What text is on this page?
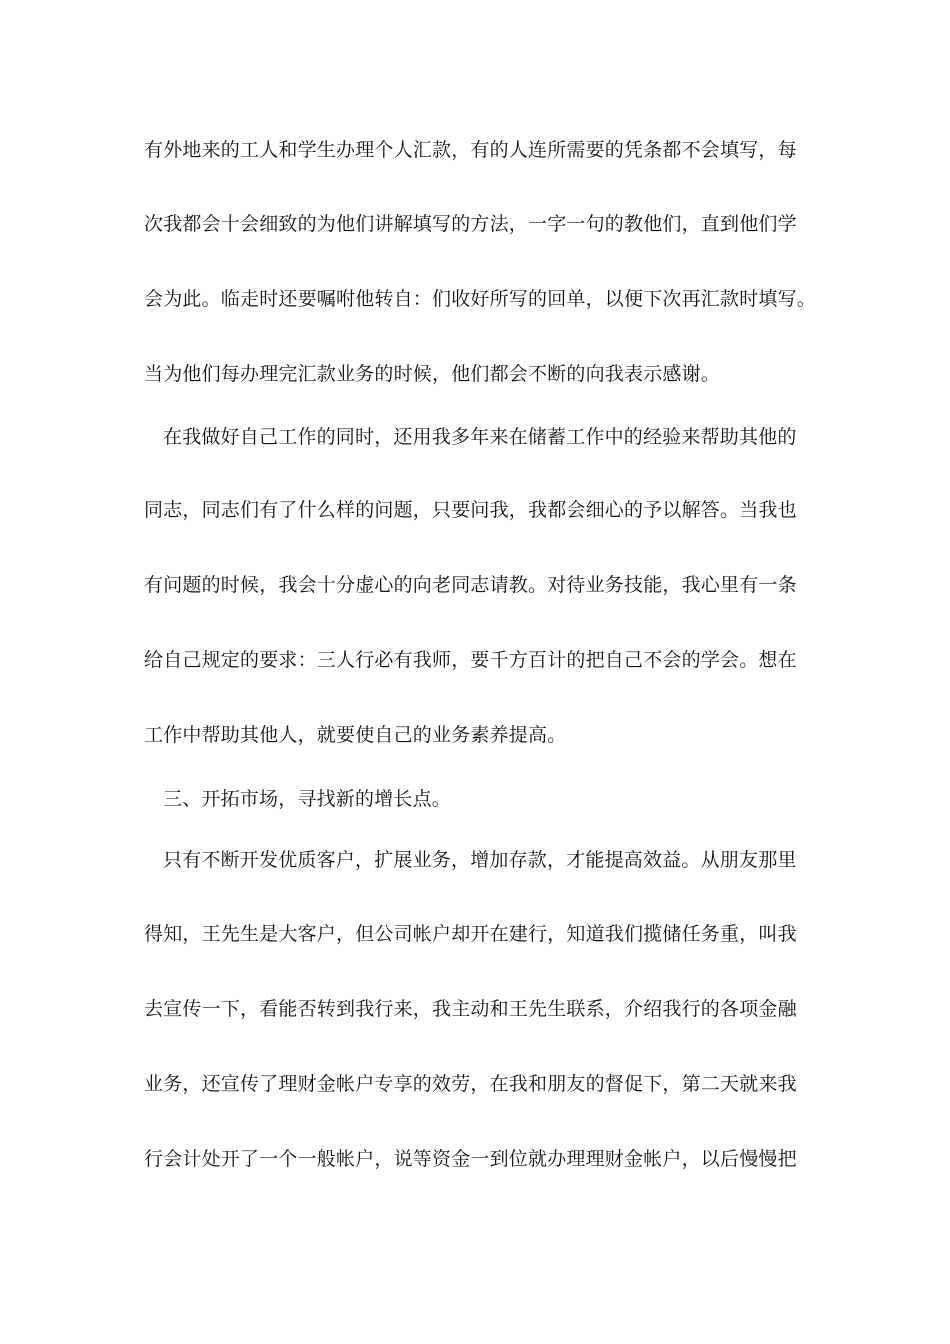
有外地来的工人和学生办理个人汇款，有的人连所需要的凭条都不会填写，每
次我都会十会细致的为他们讲解填写的方法，一字一句的教他们，直到他们学
会为此。临走时还要嘱咐他转自：们收好所写的回单，以便下次再汇款时填写。
当为他们每办理完汇款业务的时候，他们都会不断的向我表示感谢。
在我做好自己工作的同时，还用我多年来在储蓄工作中的经验来帮助其他的
同志，同志们有了什么样的问题，只要问我，我都会细心的予以解答。当我也
有问题的时候，我会十分虚心的向老同志请教。对待业务技能，我心里有一条
给自己规定的要求：三人行必有我师，要千方百计的把自己不会的学会。想在
工作中帮助其他人，就要使自己的业务素养提高。
三、开拓市场，寻找新的增长点。
只有不断开发优质客户，扩展业务，增加存款，才能提高效益。从朋友那里
得知，王先生是大客户，但公司帐户却开在建行，知道我们揽储任务重，叫我
去宣传一下，看能否转到我行来，我主动和王先生联系，介绍我行的各项金融
业务，还宣传了理财金帐户专享的效劳，在我和朋友的督促下，第二天就来我
行会计处开了一个一般帐户，说等资金一到位就办理理财金帐户，以后慢慢把
